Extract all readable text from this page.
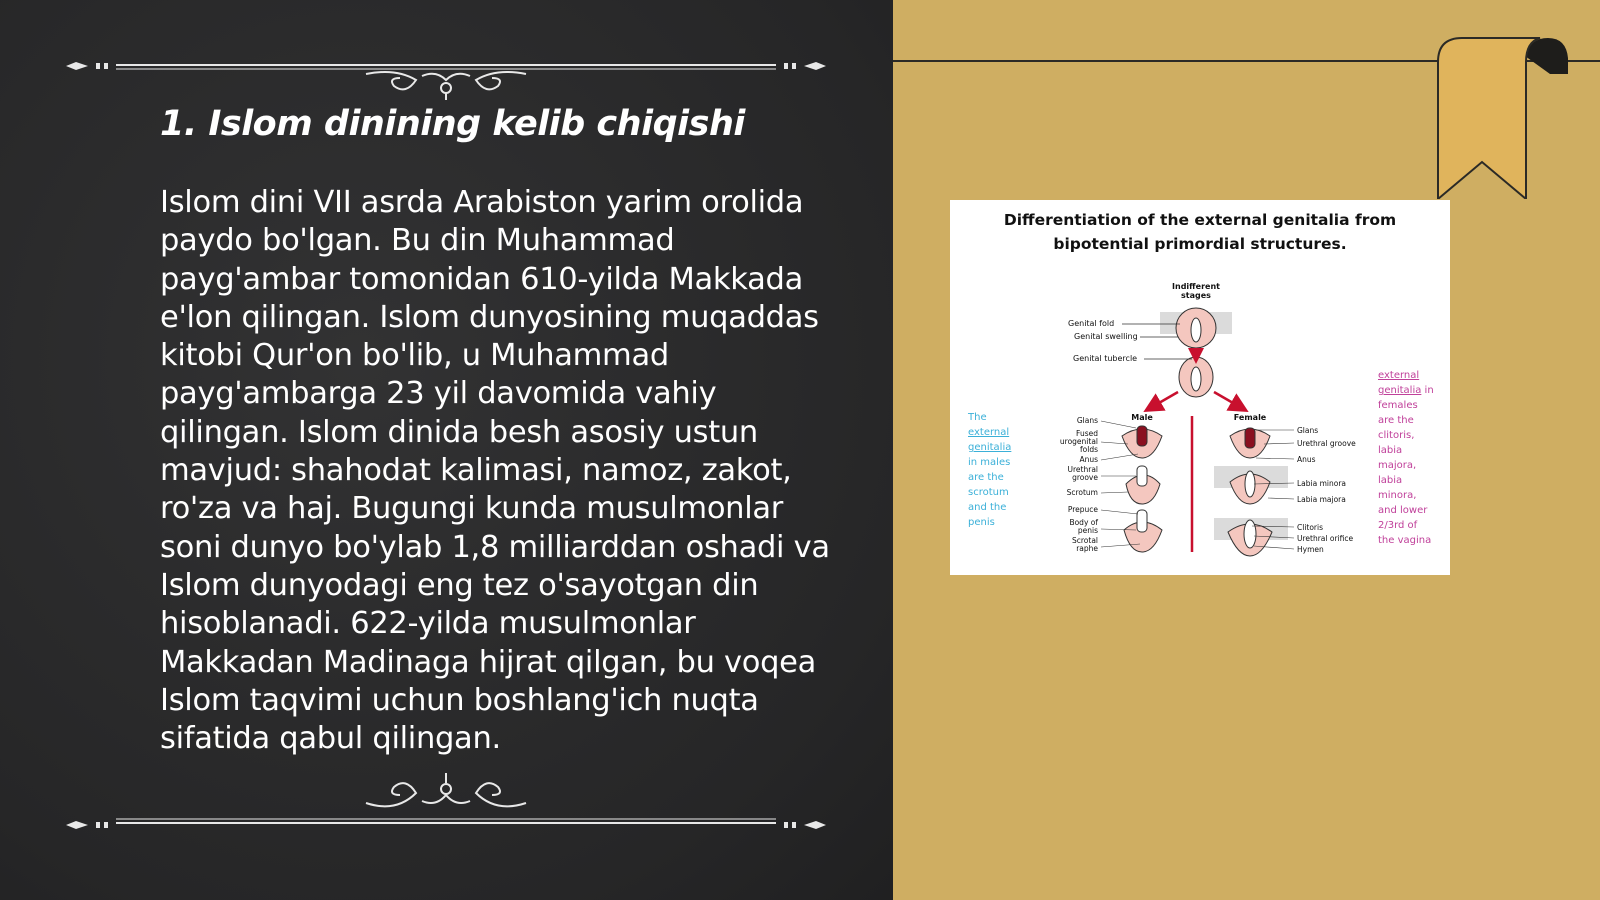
1. Islom dinining kelib chiqishi

Islom dini VII asrda Arabiston yarim orolida paydo bo'lgan. Bu din Muhammad payg'ambar tomonidan 610-yilda Makkada e'lon qilingan. Islom dunyosining muqaddas kitobi Qur'on bo'lib, u Muhammad payg'ambarga 23 yil davomida vahiy qilingan. Islom dinida besh asosiy ustun mavjud: shahodat kalimasi, namoz, zakot, ro'za va haj. Bugungi kunda musulmonlar soni dunyo bo'ylab 1,8 milliarddan oshadi va Islom dunyodagi eng tez o'sayotgan din hisoblanadi. 622-yilda musulmonlar Makkadan Madinaga hijrat qilgan, bu voqea Islom taqvimi uchun boshlang'ich nuqta sifatida qabul qilingan.

Differentiation of the external genitalia from
bipotential primordial structures.
Indifferent
stages
Genital fold
Genital swelling
Genital tubercle
Male	Female
Glans
Fused
urogenital
folds
Anus
Urethral
groove
Scrotum
Prepuce
Body of
penis
Scrotal
raphe
Glans
Urethral groove
Anus
Labia minora
Labia majora
Clitoris
Urethral orifice
Hymen
The external genitalia in males are the scrotum and the penis
external genitalia in females are the clitoris, labia majora, labia minora, and lower 2/3rd of the vagina
